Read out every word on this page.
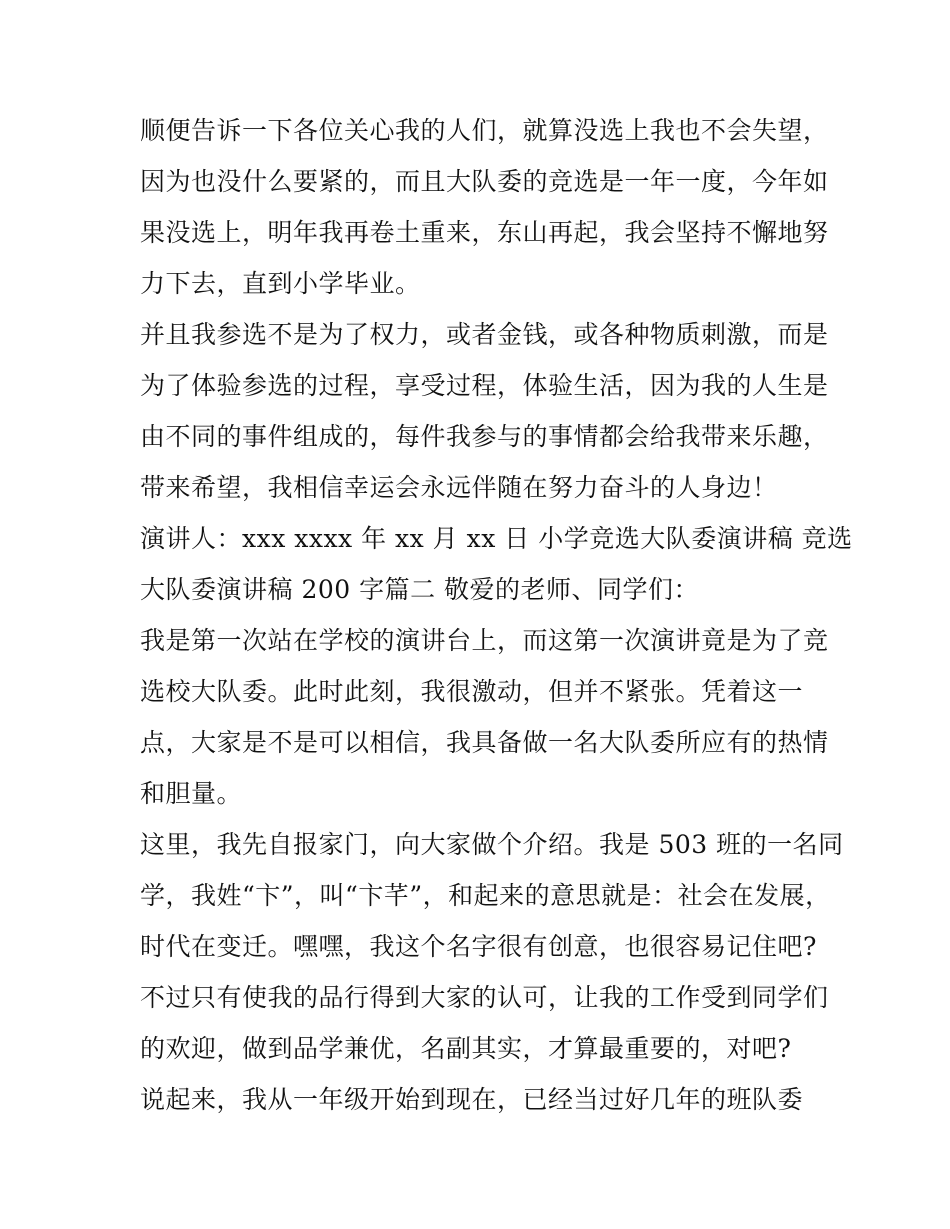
顺便告诉一下各位关心我的人们，就算没选上我也不会失望，
因为也没什么要紧的，而且大队委的竞选是一年一度，今年如
果没选上，明年我再卷土重来，东山再起，我会坚持不懈地努
力下去，直到小学毕业。
并且我参选不是为了权力，或者金钱，或各种物质刺激，而是
为了体验参选的过程，享受过程，体验生活，因为我的人生是
由不同的事件组成的，每件我参与的事情都会给我带来乐趣，
带来希望，我相信幸运会永远伴随在努力奋斗的人身边！
演讲人：xxx xxxx 年 xx 月 xx 日 小学竞选大队委演讲稿 竞选
大队委演讲稿 200 字篇二 敬爱的老师、同学们：
我是第一次站在学校的演讲台上，而这第一次演讲竟是为了竞
选校大队委。此时此刻，我很激动，但并不紧张。凭着这一
点，大家是不是可以相信，我具备做一名大队委所应有的热情
和胆量。
这里，我先自报家门，向大家做个介绍。我是 503 班的一名同
学，我姓“卞”，叫“卞芊”，和起来的意思就是：社会在发展，
时代在变迁。嘿嘿，我这个名字很有创意，也很容易记住吧?
不过只有使我的品行得到大家的认可，让我的工作受到同学们
的欢迎，做到品学兼优，名副其实，才算最重要的，对吧?
说起来，我从一年级开始到现在，已经当过好几年的班队委
